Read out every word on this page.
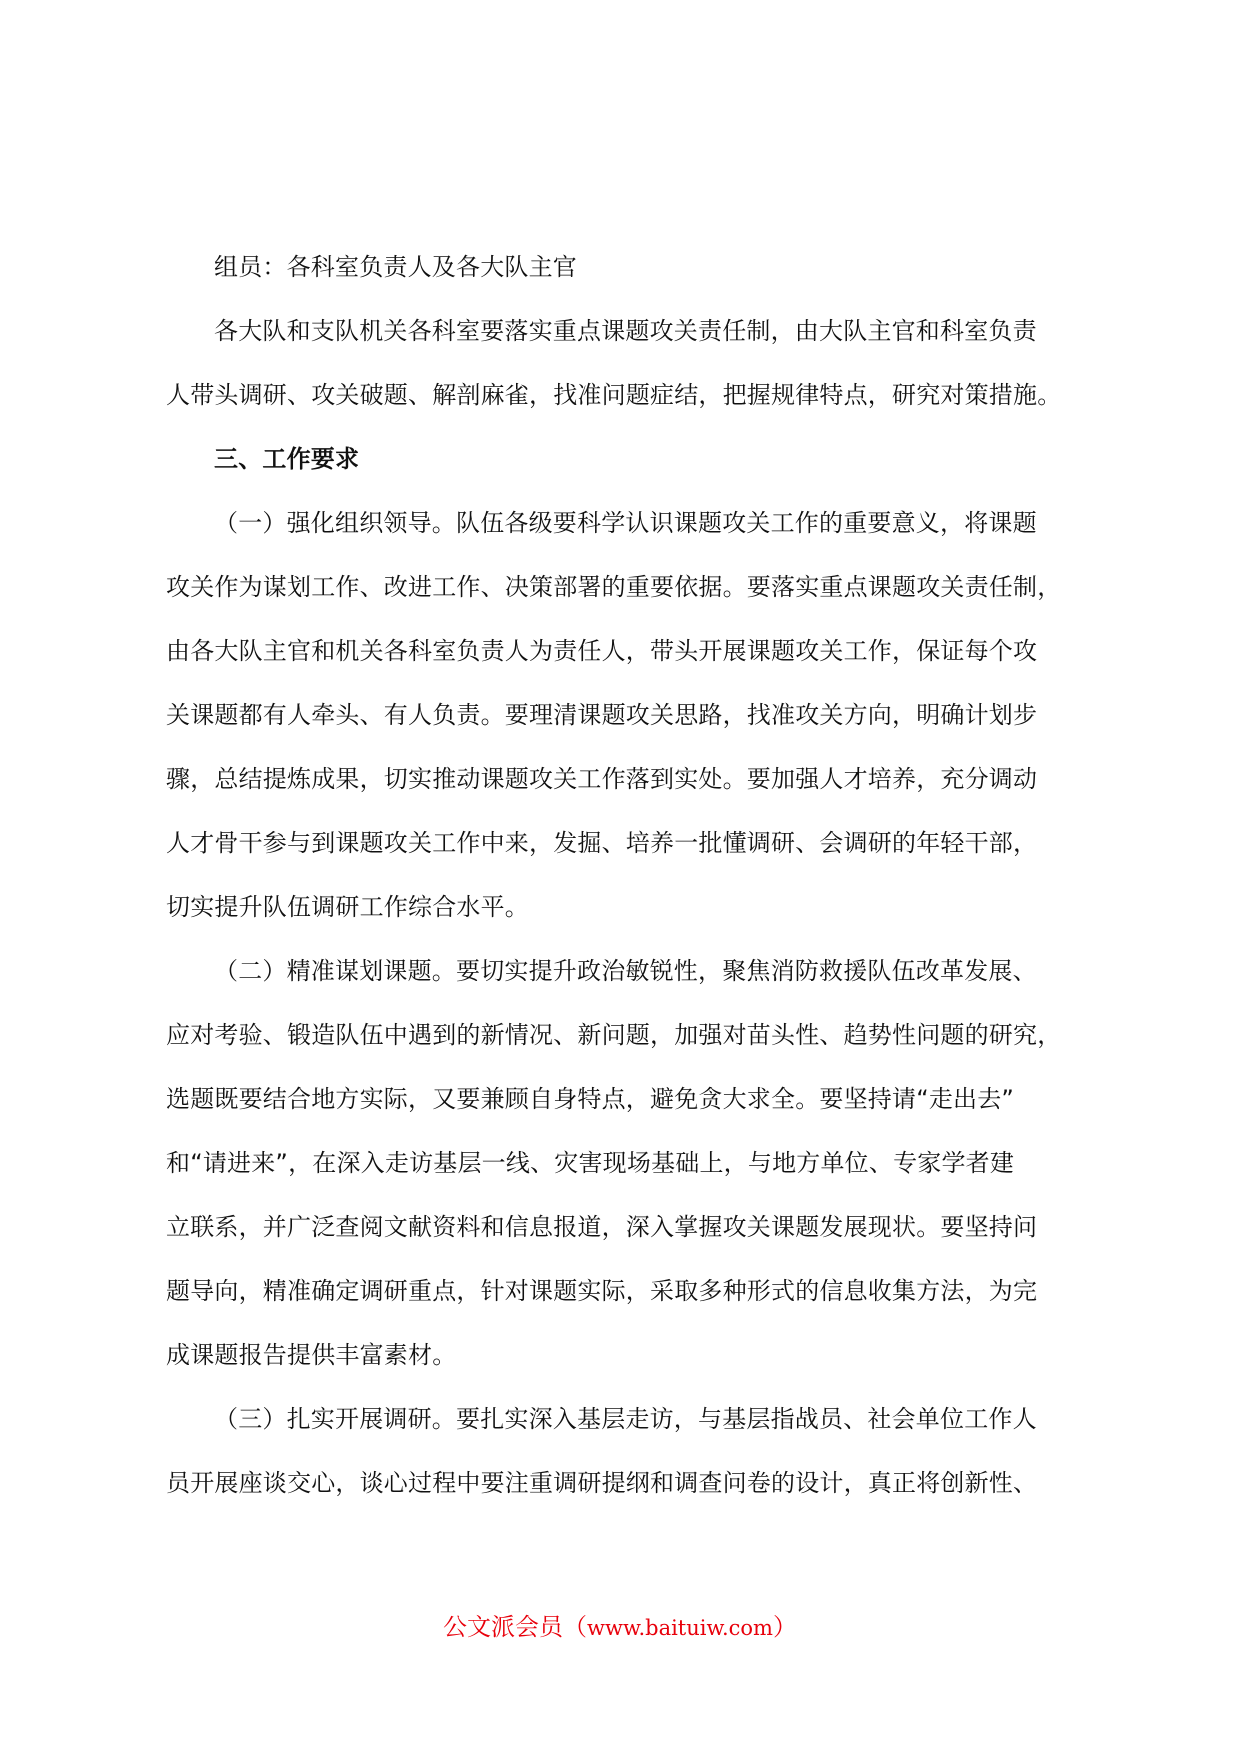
组员：各科室负责人及各大队主官
各大队和支队机关各科室要落实重点课题攻关责任制，由大队主官和科室负责
人带头调研、攻关破题、解剖麻雀，找准问题症结，把握规律特点，研究对策措施。
三、工作要求
（一）强化组织领导。队伍各级要科学认识课题攻关工作的重要意义，将课题
攻关作为谋划工作、改进工作、决策部署的重要依据。要落实重点课题攻关责任制，
由各大队主官和机关各科室负责人为责任人，带头开展课题攻关工作，保证每个攻
关课题都有人牵头、有人负责。要理清课题攻关思路，找准攻关方向，明确计划步
骤，总结提炼成果，切实推动课题攻关工作落到实处。要加强人才培养，充分调动
人才骨干参与到课题攻关工作中来，发掘、培养一批懂调研、会调研的年轻干部，
切实提升队伍调研工作综合水平。
（二）精准谋划课题。要切实提升政治敏锐性，聚焦消防救援队伍改革发展、
应对考验、锻造队伍中遇到的新情况、新问题，加强对苗头性、趋势性问题的研究，
选题既要结合地方实际，又要兼顾自身特点，避免贪大求全。要坚持请“走出去”
和“请进来”，在深入走访基层一线、灾害现场基础上，与地方单位、专家学者建
立联系，并广泛查阅文献资料和信息报道，深入掌握攻关课题发展现状。要坚持问
题导向，精准确定调研重点，针对课题实际，采取多种形式的信息收集方法，为完
成课题报告提供丰富素材。
（三）扎实开展调研。要扎实深入基层走访，与基层指战员、社会单位工作人
员开展座谈交心，谈心过程中要注重调研提纲和调查问卷的设计，真正将创新性、
公文派会员（www.baituiw.com）
